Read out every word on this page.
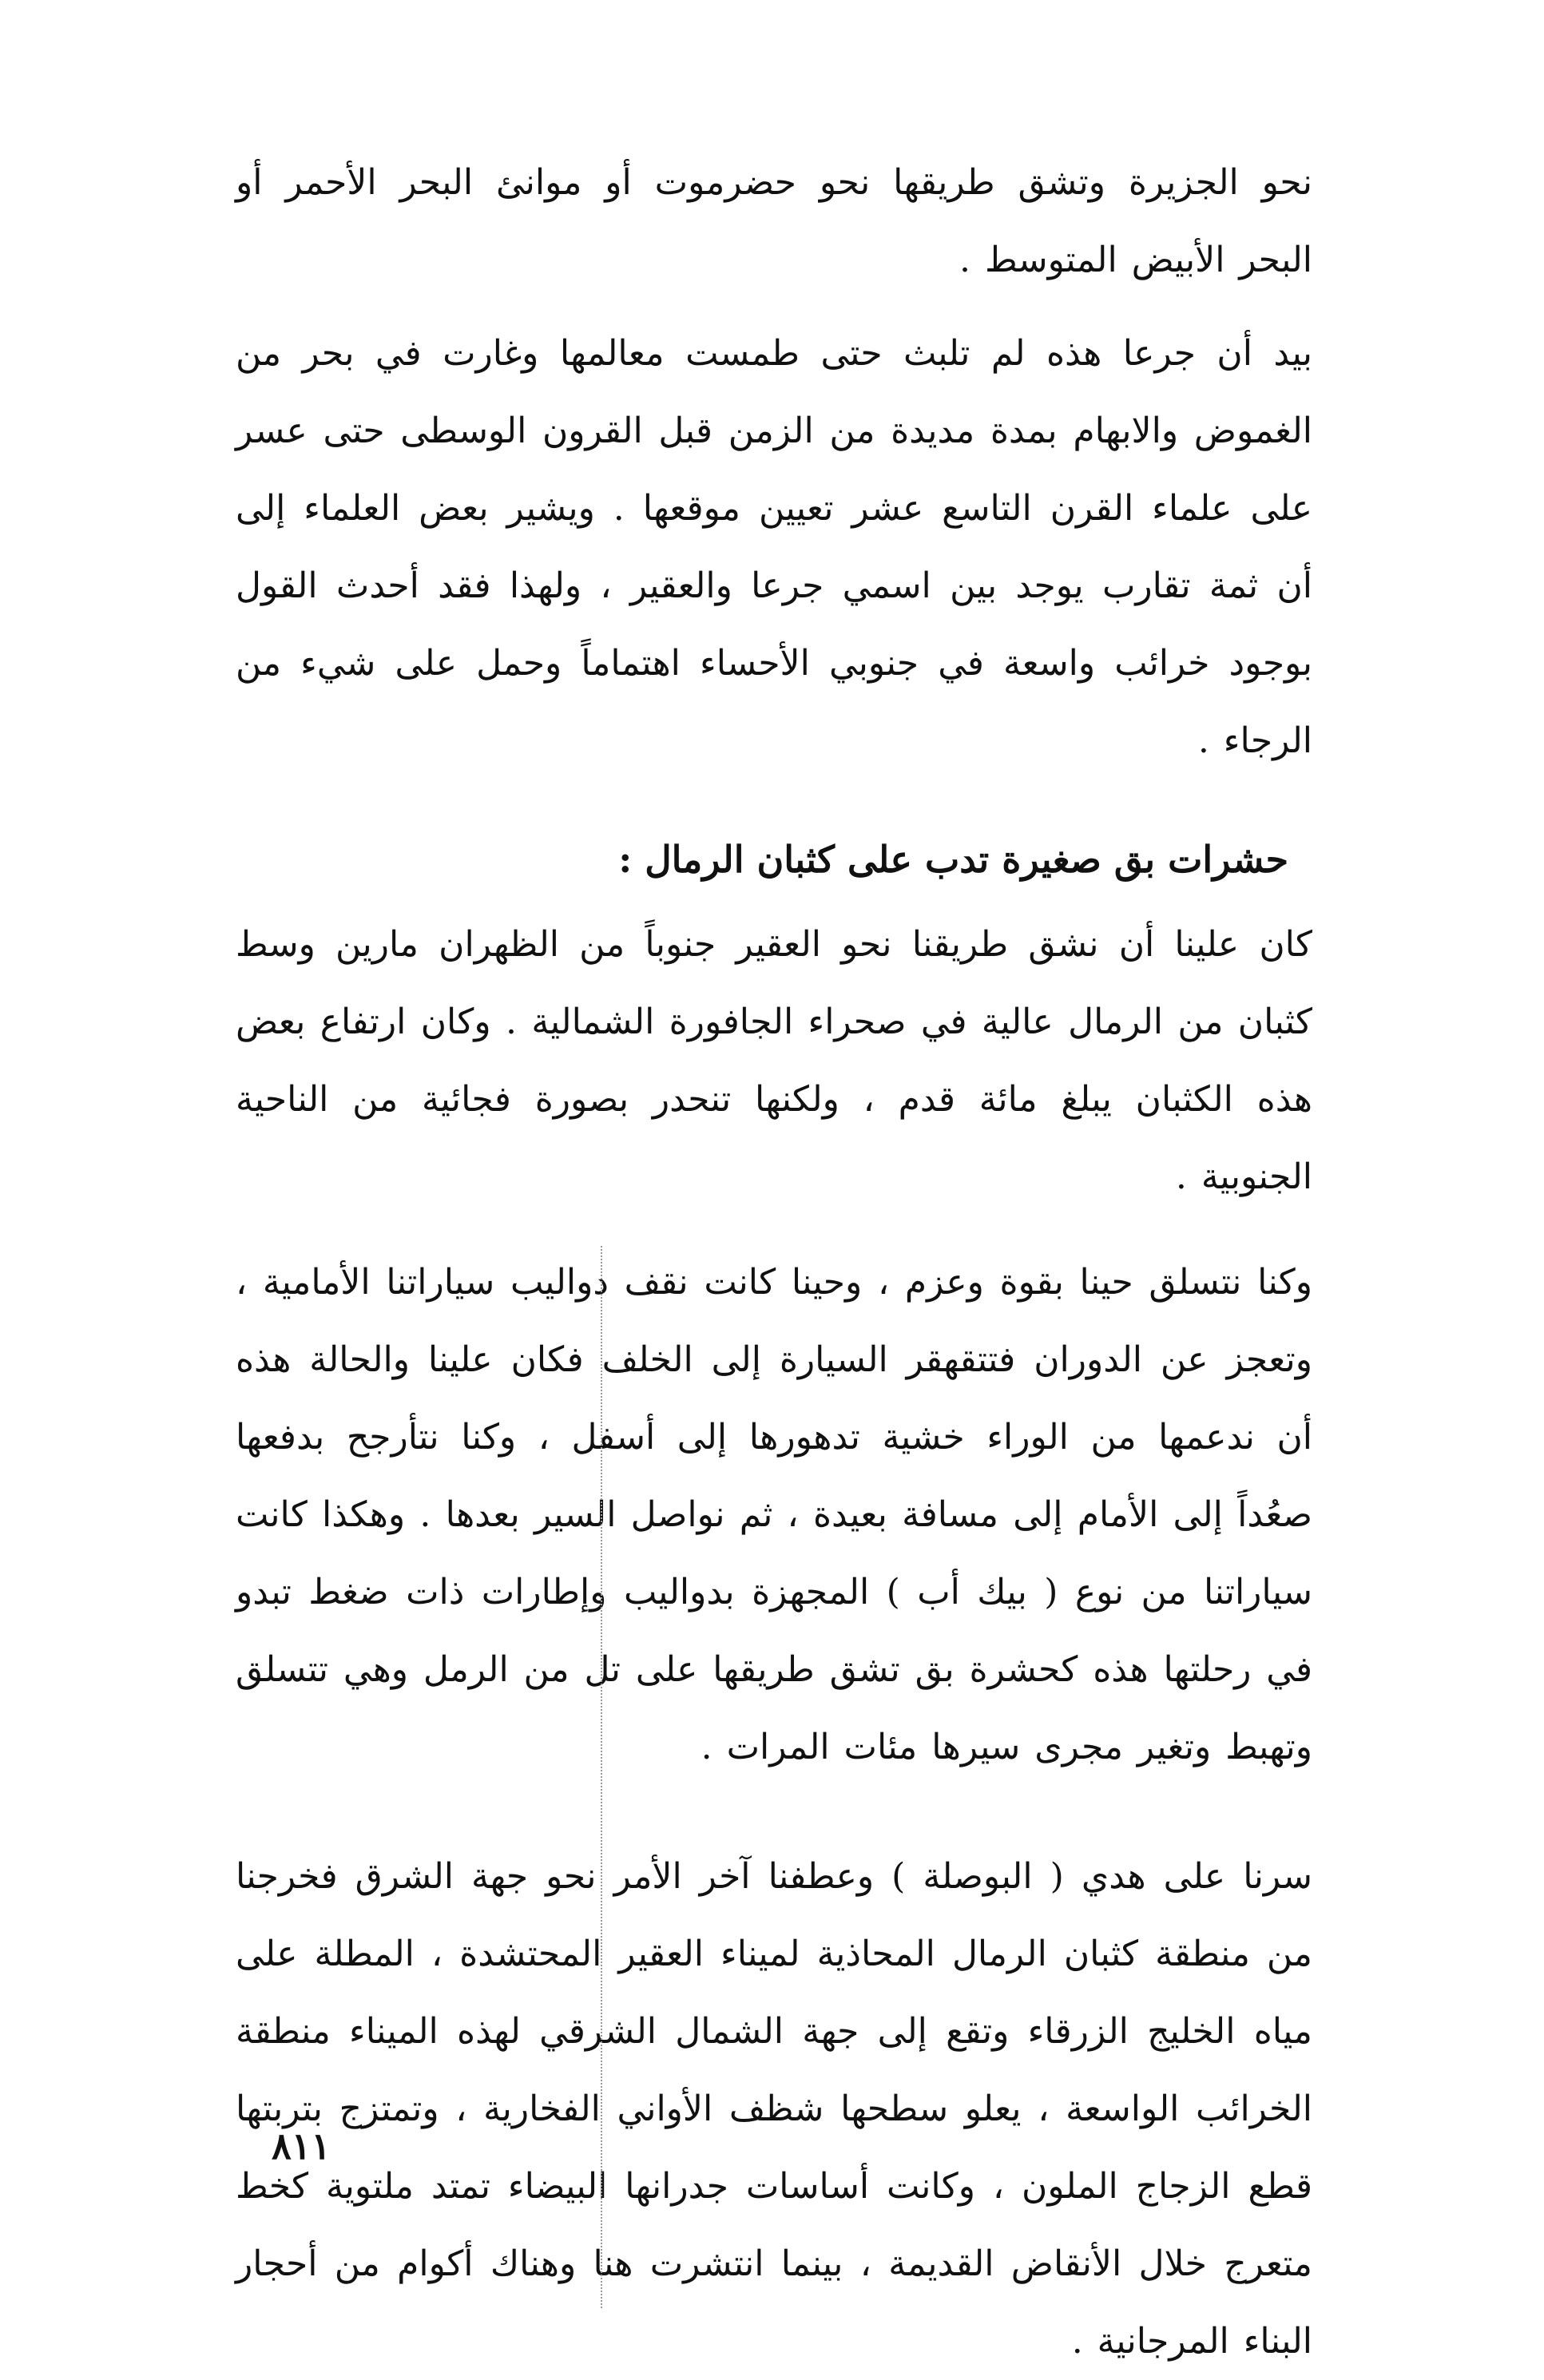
نحو الجزيرة وتشق طريقها نحو حضرموت أو موانئ البحر الأحمر أو البحر الأبيض المتوسط .

بيد أن جرعا هذه لم تلبث حتى طمست معالمها وغارت في بحر من الغموض والابهام بمدة مديدة من الزمن قبل القرون الوسطى حتى عسر على علماء القرن التاسع عشر تعيين موقعها . ويشير بعض العلماء إلى أن ثمة تقارب يوجد بين اسمي جرعا والعقير ، ولهذا فقد أحدث القول بوجود خرائب واسعة في جنوبي الأحساء اهتماماً وحمل على شيء من الرجاء .

حشرات بق صغيرة تدب على كثبان الرمال :

كان علينا أن نشق طريقنا نحو العقير جنوباً من الظهران مارين وسط كثبان من الرمال عالية في صحراء الجافورة الشمالية . وكان ارتفاع بعض هذه الكثبان يبلغ مائة قدم ، ولكنها تنحدر بصورة فجائية من الناحية الجنوبية .

وكنا نتسلق حينا بقوة وعزم ، وحينا كانت نقف دواليب سياراتنا الأمامية ، وتعجز عن الدوران فتتقهقر السيارة إلى الخلف فكان علينا والحالة هذه أن ندعمها من الوراء خشية تدهورها إلى أسفل ، وكنا نتأرجح بدفعها صعُداً إلى الأمام إلى مسافة بعيدة ، ثم نواصل السير بعدها . وهكذا كانت سياراتنا من نوع ( بيك أب ) المجهزة بدواليب وإطارات ذات ضغط تبدو في رحلتها هذه كحشرة بق تشق طريقها على تل من الرمل وهي تتسلق وتهبط وتغير مجرى سيرها مئات المرات .

سرنا على هدي ( البوصلة ) وعطفنا آخر الأمر نحو جهة الشرق فخرجنا من منطقة كثبان الرمال المحاذية لميناء العقير المحتشدة ، المطلة على مياه الخليج الزرقاء وتقع إلى جهة الشمال الشرقي لهذه الميناء منطقة الخرائب الواسعة ، يعلو سطحها شظف الأواني الفخارية ، وتمتزج بتربتها قطع الزجاج الملون ، وكانت أساسات جدرانها البيضاء تمتد ملتوية كخط متعرج خلال الأنقاض القديمة ، بينما انتشرت هنا وهناك أكوام من أحجار البناء المرجانية .

٨١١
